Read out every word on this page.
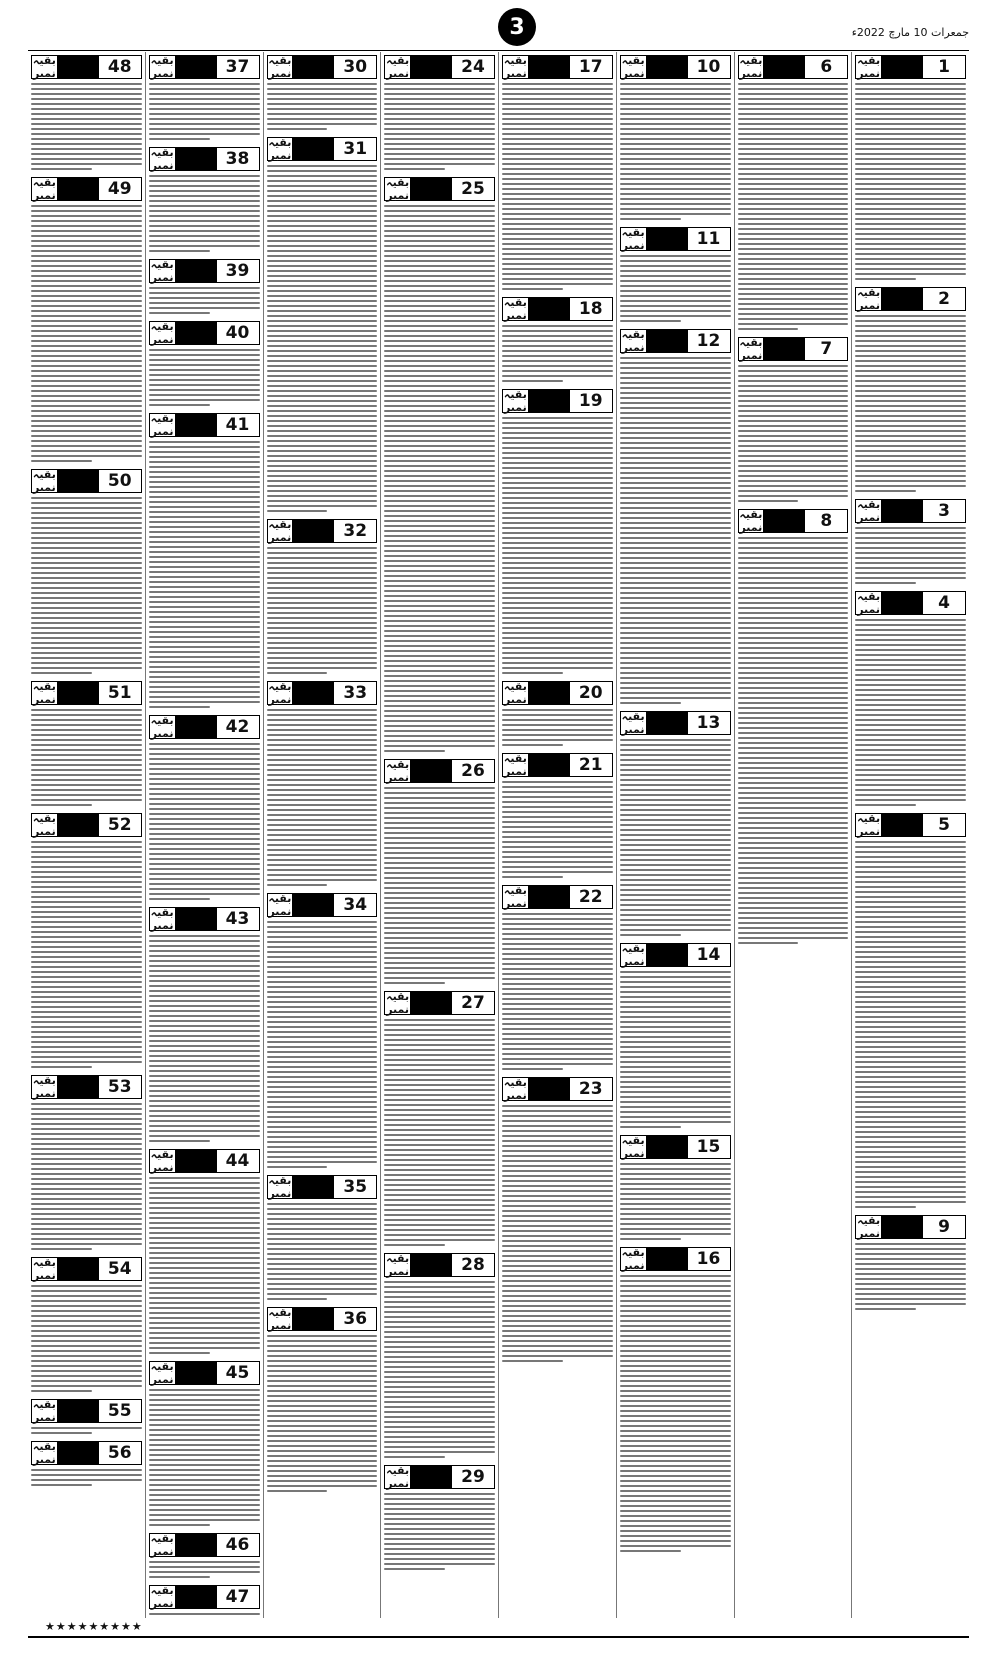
3	جمعرات 10 مارچ 2022ء
بقیہ نمبر	1
بقیہ نمبر	2
بقیہ نمبر	3
بقیہ نمبر	4
بقیہ نمبر	5
بقیہ نمبر	9
بقیہ نمبر	6
بقیہ نمبر	7
بقیہ نمبر	8
بقیہ نمبر	10
بقیہ نمبر	11
بقیہ نمبر	12
بقیہ نمبر	13
بقیہ نمبر	14
بقیہ نمبر	15
بقیہ نمبر	16
بقیہ نمبر	17
بقیہ نمبر	18
بقیہ نمبر	19
بقیہ نمبر	20
بقیہ نمبر	21
بقیہ نمبر	22
بقیہ نمبر	23
بقیہ نمبر	24
بقیہ نمبر	25
بقیہ نمبر	26
بقیہ نمبر	27
بقیہ نمبر	28
بقیہ نمبر	29
بقیہ نمبر	30
بقیہ نمبر	31
بقیہ نمبر	32
بقیہ نمبر	33
بقیہ نمبر	34
بقیہ نمبر	35
بقیہ نمبر	36
بقیہ نمبر	37
بقیہ نمبر	38
بقیہ نمبر	39
بقیہ نمبر	40
بقیہ نمبر	41
بقیہ نمبر	42
بقیہ نمبر	43
بقیہ نمبر	44
بقیہ نمبر	45
بقیہ نمبر	46
بقیہ نمبر	47
بقیہ نمبر	48
بقیہ نمبر	49
بقیہ نمبر	50
بقیہ نمبر	51
بقیہ نمبر	52
بقیہ نمبر	53
بقیہ نمبر	54
بقیہ نمبر	55
بقیہ نمبر	56
★★★★★★★★★
